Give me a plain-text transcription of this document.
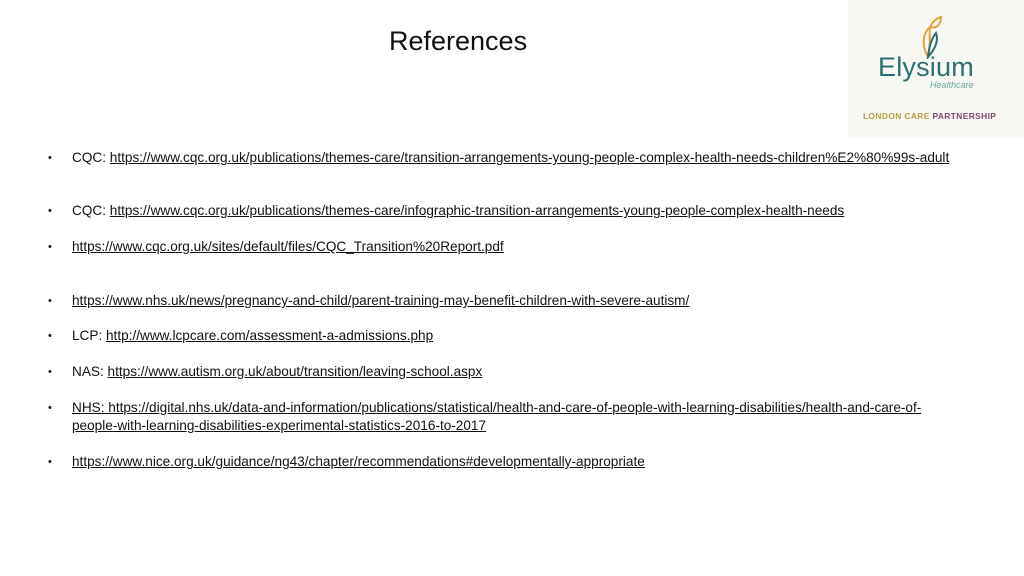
References
Elysium
Healthcare
LONDON CARE PARTNERSHIP
• CQC: https://www.cqc.org.uk/publications/themes-care/transition-arrangements-young-people-complex-health-needs-children%E2%80%99s-adult
• CQC: https://www.cqc.org.uk/publications/themes-care/infographic-transition-arrangements-young-people-complex-health-needs
• https://www.cqc.org.uk/sites/default/files/CQC_Transition%20Report.pdf
• https://www.nhs.uk/news/pregnancy-and-child/parent-training-may-benefit-children-with-severe-autism/
• LCP: http://www.lcpcare.com/assessment-a-admissions.php
• NAS: https://www.autism.org.uk/about/transition/leaving-school.aspx
• NHS: https://digital.nhs.uk/data-and-information/publications/statistical/health-and-care-of-people-with-learning-disabilities/health-and-care-of-people-with-learning-disabilities-experimental-statistics-2016-to-2017
• https://www.nice.org.uk/guidance/ng43/chapter/recommendations#developmentally-appropriate
